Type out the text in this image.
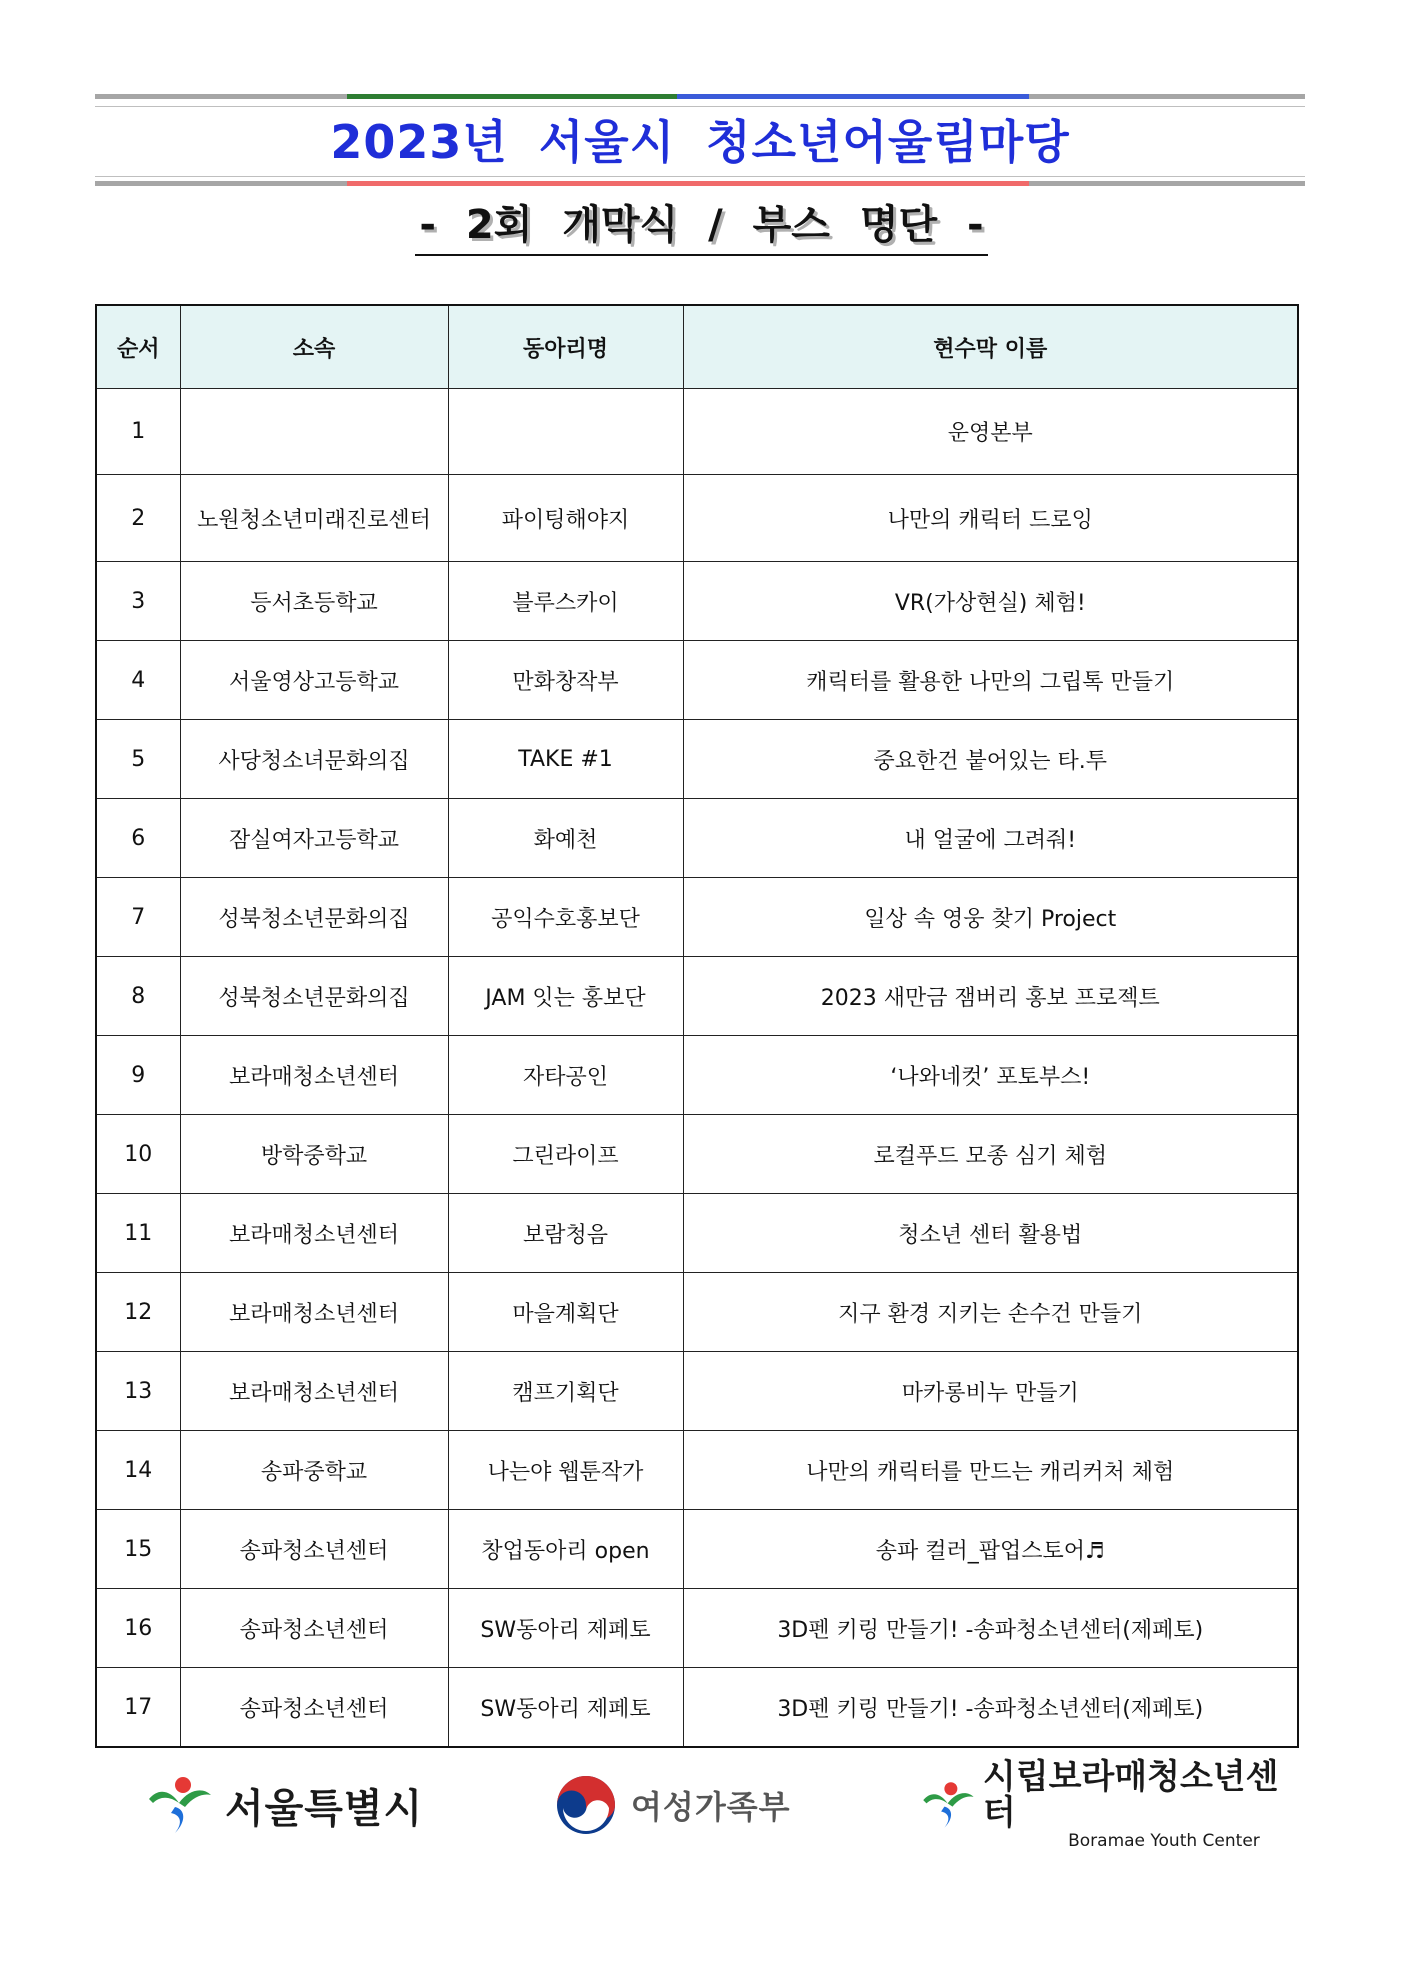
2023년 서울시 청소년어울림마당
- 2회 개막식 / 부스 명단 -
순서	소속	동아리명	현수막 이름
1			운영본부
2	노원청소년미래진로센터	파이팅해야지	나만의 캐릭터 드로잉
3	등서초등학교	블루스카이	VR(가상현실) 체험!
4	서울영상고등학교	만화창작부	캐릭터를 활용한 나만의 그립톡 만들기
5	사당청소녀문화의집	TAKE #1	중요한건 붙어있는 타.투
6	잠실여자고등학교	화예천	내 얼굴에 그려줘!
7	성북청소년문화의집	공익수호홍보단	일상 속 영웅 찾기 Project
8	성북청소년문화의집	JAM 잇는 홍보단	2023 새만금 잼버리 홍보 프로젝트
9	보라매청소년센터	자타공인	‘나와네컷’ 포토부스!
10	방학중학교	그린라이프	로컬푸드 모종 심기 체험
11	보라매청소년센터	보람청음	청소년 센터 활용법
12	보라매청소년센터	마을계획단	지구 환경 지키는 손수건 만들기
13	보라매청소년센터	캠프기획단	마카롱비누 만들기
14	송파중학교	나는야 웹툰작가	나만의 캐릭터를 만드는 캐리커처 체험
15	송파청소년센터	창업동아리 open	송파 컬러_팝업스토어♬
16	송파청소년센터	SW동아리 제페토	3D펜 키링 만들기! -송파청소년센터(제페토)
17	송파청소년센터	SW동아리 제페토	3D펜 키링 만들기! -송파청소년센터(제페토)
서울특별시	여성가족부
시립보라매청소년센터
Boramae Youth Center
